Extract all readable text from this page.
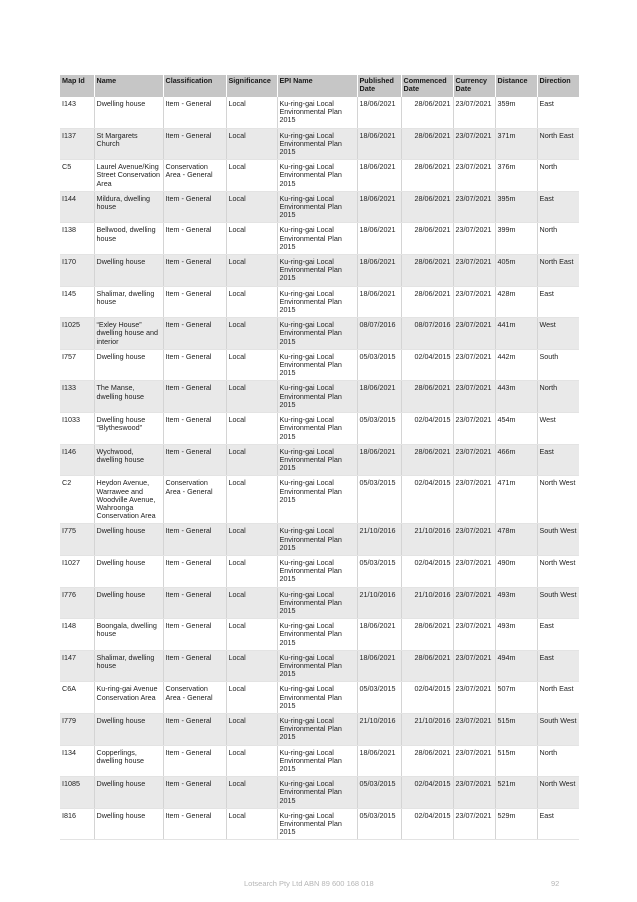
Map Id	Name	Classification	Significance	EPI Name	Published Date	Commenced Date	Currency Date	Distance	Direction
I143	Dwelling house	Item - General	Local	Ku-ring-gai Local Environmental Plan 2015	18/06/2021	28/06/2021	23/07/2021	359m	East
I137	St Margarets Church	Item - General	Local	Ku-ring-gai Local Environmental Plan 2015	18/06/2021	28/06/2021	23/07/2021	371m	North East
C5	Laurel Avenue/King Street Conservation Area	Conservation Area - General	Local	Ku-ring-gai Local Environmental Plan 2015	18/06/2021	28/06/2021	23/07/2021	376m	North
I144	Mildura, dwelling house	Item - General	Local	Ku-ring-gai Local Environmental Plan 2015	18/06/2021	28/06/2021	23/07/2021	395m	East
I138	Bellwood, dwelling house	Item - General	Local	Ku-ring-gai Local Environmental Plan 2015	18/06/2021	28/06/2021	23/07/2021	399m	North
I170	Dwelling house	Item - General	Local	Ku-ring-gai Local Environmental Plan 2015	18/06/2021	28/06/2021	23/07/2021	405m	North East
I145	Shalimar, dwelling house	Item - General	Local	Ku-ring-gai Local Environmental Plan 2015	18/06/2021	28/06/2021	23/07/2021	428m	East
I1025	“Exley House” dwelling house and interior	Item - General	Local	Ku-ring-gai Local Environmental Plan 2015	08/07/2016	08/07/2016	23/07/2021	441m	West
I757	Dwelling house	Item - General	Local	Ku-ring-gai Local Environmental Plan 2015	05/03/2015	02/04/2015	23/07/2021	442m	South
I133	The Manse, dwelling house	Item - General	Local	Ku-ring-gai Local Environmental Plan 2015	18/06/2021	28/06/2021	23/07/2021	443m	North
I1033	Dwelling house “Blytheswood”	Item - General	Local	Ku-ring-gai Local Environmental Plan 2015	05/03/2015	02/04/2015	23/07/2021	454m	West
I146	Wychwood, dwelling house	Item - General	Local	Ku-ring-gai Local Environmental Plan 2015	18/06/2021	28/06/2021	23/07/2021	466m	East
C2	Heydon Avenue, Warrawee and Woodville Avenue, Wahroonga Conservation Area	Conservation Area - General	Local	Ku-ring-gai Local Environmental Plan 2015	05/03/2015	02/04/2015	23/07/2021	471m	North West
I775	Dwelling house	Item - General	Local	Ku-ring-gai Local Environmental Plan 2015	21/10/2016	21/10/2016	23/07/2021	478m	South West
I1027	Dwelling house	Item - General	Local	Ku-ring-gai Local Environmental Plan 2015	05/03/2015	02/04/2015	23/07/2021	490m	North West
I776	Dwelling house	Item - General	Local	Ku-ring-gai Local Environmental Plan 2015	21/10/2016	21/10/2016	23/07/2021	493m	South West
I148	Boongala, dwelling house	Item - General	Local	Ku-ring-gai Local Environmental Plan 2015	18/06/2021	28/06/2021	23/07/2021	493m	East
I147	Shalimar, dwelling house	Item - General	Local	Ku-ring-gai Local Environmental Plan 2015	18/06/2021	28/06/2021	23/07/2021	494m	East
C6A	Ku-ring-gai Avenue Conservation Area	Conservation Area - General	Local	Ku-ring-gai Local Environmental Plan 2015	05/03/2015	02/04/2015	23/07/2021	507m	North East
I779	Dwelling house	Item - General	Local	Ku-ring-gai Local Environmental Plan 2015	21/10/2016	21/10/2016	23/07/2021	515m	South West
I134	Copperlings, dwelling house	Item - General	Local	Ku-ring-gai Local Environmental Plan 2015	18/06/2021	28/06/2021	23/07/2021	515m	North
I1085	Dwelling house	Item - General	Local	Ku-ring-gai Local Environmental Plan 2015	05/03/2015	02/04/2015	23/07/2021	521m	North West
I816	Dwelling house	Item - General	Local	Ku-ring-gai Local Environmental Plan 2015	05/03/2015	02/04/2015	23/07/2021	529m	East
Lotsearch Pty Ltd ABN 89 600 168 018	92
